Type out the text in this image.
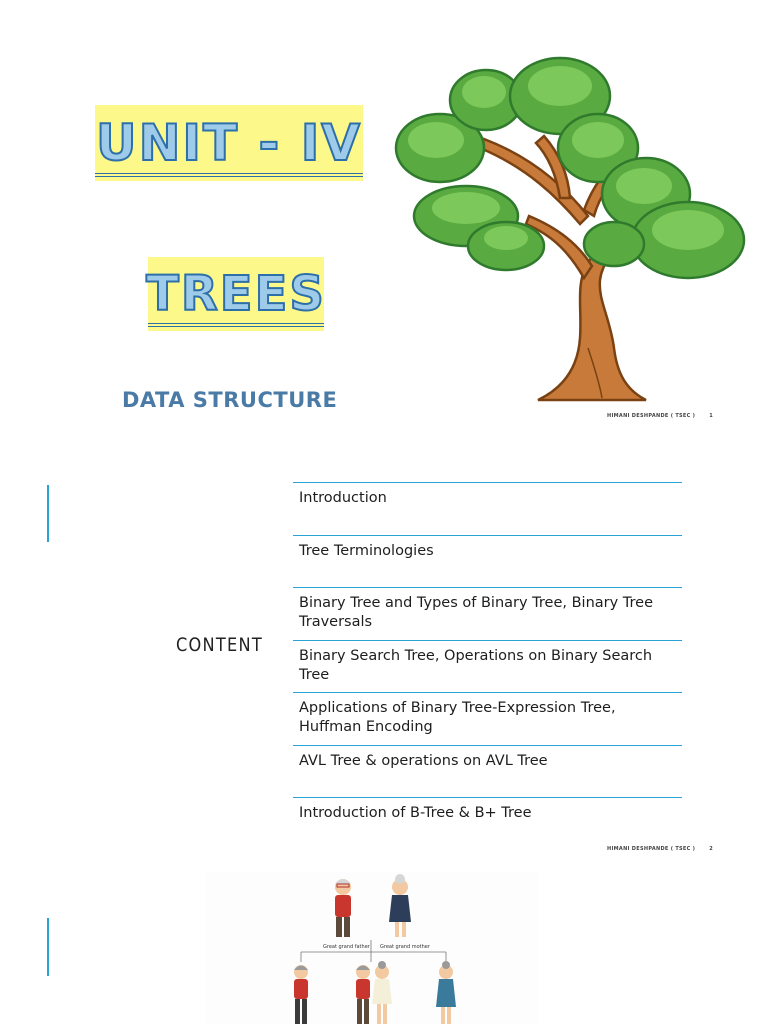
UNIT - IV
TREES
DATA STRUCTURE
HIMANI DESHPANDE ( TSEC )	1
CONTENT
Introduction
Tree Terminologies
Binary Tree and Types of Binary Tree, Binary Tree Traversals
Binary Search Tree, Operations on Binary Search Tree
Applications of Binary Tree-Expression Tree, Huffman Encoding
AVL Tree & operations on AVL Tree
Introduction of B-Tree & B+ Tree
HIMANI DESHPANDE ( TSEC )	2
Great grand father Great grand mother
